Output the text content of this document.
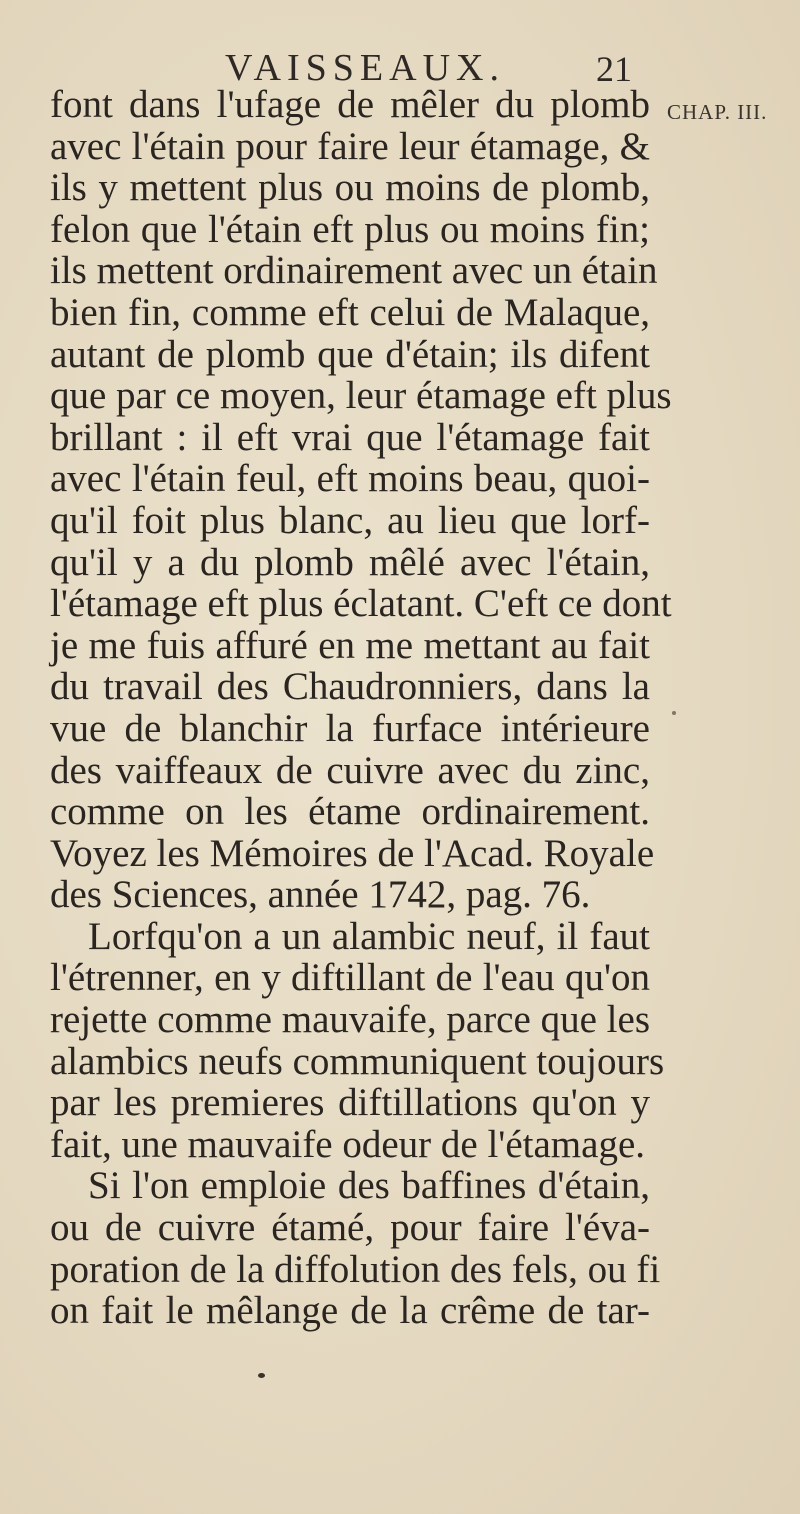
VAISSEAUX.	21
CHAP. III.
font dans l'ufage de mêler du plomb
avec l'étain pour faire leur étamage, &
ils y mettent plus ou moins de plomb,
felon que l'étain eft plus ou moins fin;
ils mettent ordinairement avec un étain
bien fin, comme eft celui de Malaque,
autant de plomb que d'étain; ils difent
que par ce moyen, leur étamage eft plus
brillant : il eft vrai que l'étamage fait
avec l'étain feul, eft moins beau, quoi-
qu'il foit plus blanc, au lieu que lorf-
qu'il y a du plomb mêlé avec l'étain,
l'étamage eft plus éclatant. C'eft ce dont
je me fuis affuré en me mettant au fait
du travail des Chaudronniers, dans la
vue de blanchir la furface intérieure
des vaiffeaux de cuivre avec du zinc,
comme on les étame ordinairement.
Voyez les Mémoires de l'Acad. Royale
des Sciences, année 1742, pag. 76.
Lorfqu'on a un alambic neuf, il faut
l'étrenner, en y diftillant de l'eau qu'on
rejette comme mauvaife, parce que les
alambics neufs communiquent toujours
par les premieres diftillations qu'on y
fait, une mauvaife odeur de l'étamage.
Si l'on emploie des baffines d'étain,
ou de cuivre étamé, pour faire l'éva-
poration de la diffolution des fels, ou fi
on fait le mêlange de la crême de tar-
